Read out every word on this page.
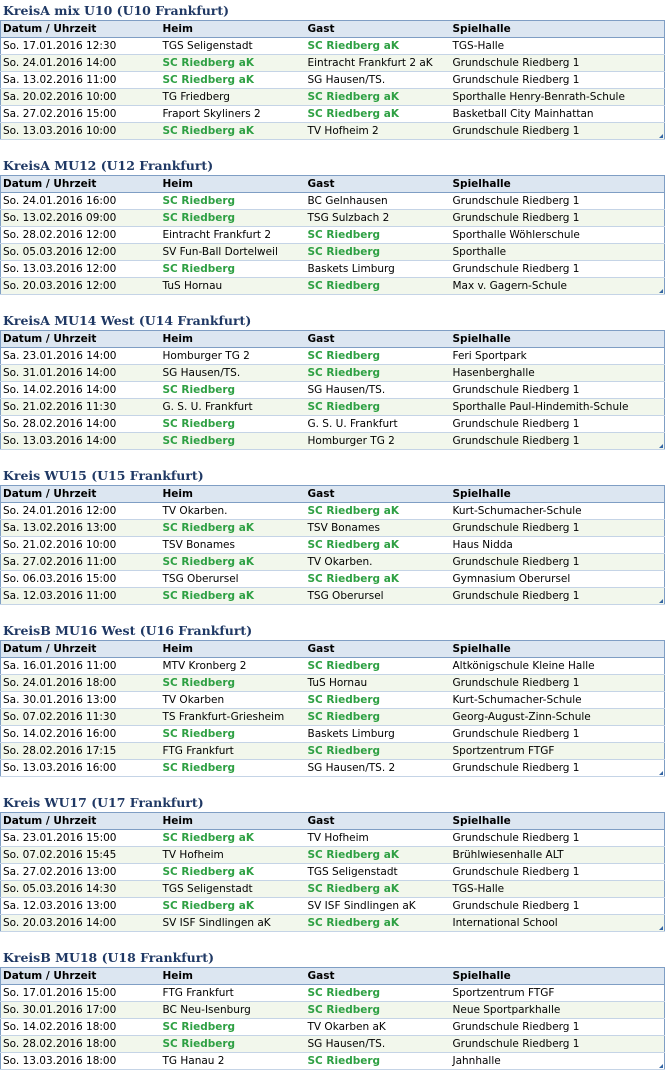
KreisA mix U10 (U10 Frankfurt)
Datum / Uhrzeit	Heim	Gast	Spielhalle
So. 17.01.2016 12:30	TGS Seligenstadt	SC Riedberg aK	TGS-Halle
So. 24.01.2016 14:00	SC Riedberg aK	Eintracht Frankfurt 2 aK	Grundschule Riedberg 1
Sa. 13.02.2016 11:00	SC Riedberg aK	SG Hausen/TS.	Grundschule Riedberg 1
Sa. 20.02.2016 10:00	TG Friedberg	SC Riedberg aK	Sporthalle Henry-Benrath-Schule
Sa. 27.02.2016 15:00	Fraport Skyliners 2	SC Riedberg aK	Basketball City Mainhattan
So. 13.03.2016 10:00	SC Riedberg aK	TV Hofheim 2	Grundschule Riedberg 1
KreisA MU12 (U12 Frankfurt)
Datum / Uhrzeit	Heim	Gast	Spielhalle
So. 24.01.2016 16:00	SC Riedberg	BC Gelnhausen	Grundschule Riedberg 1
So. 13.02.2016 09:00	SC Riedberg	TSG Sulzbach 2	Grundschule Riedberg 1
So. 28.02.2016 12:00	Eintracht Frankfurt 2	SC Riedberg	Sporthalle Wöhlerschule
So. 05.03.2016 12:00	SV Fun-Ball Dortelweil	SC Riedberg	Sporthalle
So. 13.03.2016 12:00	SC Riedberg	Baskets Limburg	Grundschule Riedberg 1
So. 20.03.2016 12:00	TuS Hornau	SC Riedberg	Max v. Gagern-Schule
KreisA MU14 West (U14 Frankfurt)
Datum / Uhrzeit	Heim	Gast	Spielhalle
Sa. 23.01.2016 14:00	Homburger TG 2	SC Riedberg	Feri Sportpark
So. 31.01.2016 14:00	SG Hausen/TS.	SC Riedberg	Hasenberghalle
So. 14.02.2016 14:00	SC Riedberg	SG Hausen/TS.	Grundschule Riedberg 1
So. 21.02.2016 11:30	G. S. U. Frankfurt	SC Riedberg	Sporthalle Paul-Hindemith-Schule
So. 28.02.2016 14:00	SC Riedberg	G. S. U. Frankfurt	Grundschule Riedberg 1
So. 13.03.2016 14:00	SC Riedberg	Homburger TG 2	Grundschule Riedberg 1
Kreis WU15 (U15 Frankfurt)
Datum / Uhrzeit	Heim	Gast	Spielhalle
So. 24.01.2016 12:00	TV Okarben.	SC Riedberg aK	Kurt-Schumacher-Schule
Sa. 13.02.2016 13:00	SC Riedberg aK	TSV Bonames	Grundschule Riedberg 1
So. 21.02.2016 10:00	TSV Bonames	SC Riedberg aK	Haus Nidda
Sa. 27.02.2016 11:00	SC Riedberg aK	TV Okarben.	Grundschule Riedberg 1
So. 06.03.2016 15:00	TSG Oberursel	SC Riedberg aK	Gymnasium Oberursel
Sa. 12.03.2016 11:00	SC Riedberg aK	TSG Oberursel	Grundschule Riedberg 1
KreisB MU16 West (U16 Frankfurt)
Datum / Uhrzeit	Heim	Gast	Spielhalle
Sa. 16.01.2016 11:00	MTV Kronberg 2	SC Riedberg	Altkönigschule Kleine Halle
So. 24.01.2016 18:00	SC Riedberg	TuS Hornau	Grundschule Riedberg 1
Sa. 30.01.2016 13:00	TV Okarben	SC Riedberg	Kurt-Schumacher-Schule
So. 07.02.2016 11:30	TS Frankfurt-Griesheim	SC Riedberg	Georg-August-Zinn-Schule
So. 14.02.2016 16:00	SC Riedberg	Baskets Limburg	Grundschule Riedberg 1
So. 28.02.2016 17:15	FTG Frankfurt	SC Riedberg	Sportzentrum FTGF
So. 13.03.2016 16:00	SC Riedberg	SG Hausen/TS. 2	Grundschule Riedberg 1
Kreis WU17 (U17 Frankfurt)
Datum / Uhrzeit	Heim	Gast	Spielhalle
Sa. 23.01.2016 15:00	SC Riedberg aK	TV Hofheim	Grundschule Riedberg 1
So. 07.02.2016 15:45	TV Hofheim	SC Riedberg aK	Brühlwiesenhalle ALT
Sa. 27.02.2016 13:00	SC Riedberg aK	TGS Seligenstadt	Grundschule Riedberg 1
So. 05.03.2016 14:30	TGS Seligenstadt	SC Riedberg aK	TGS-Halle
Sa. 12.03.2016 13:00	SC Riedberg aK	SV ISF Sindlingen aK	Grundschule Riedberg 1
So. 20.03.2016 14:00	SV ISF Sindlingen aK	SC Riedberg aK	International School
KreisB MU18 (U18 Frankfurt)
Datum / Uhrzeit	Heim	Gast	Spielhalle
So. 17.01.2016 15:00	FTG Frankfurt	SC Riedberg	Sportzentrum FTGF
So. 30.01.2016 17:00	BC Neu-Isenburg	SC Riedberg	Neue Sportparkhalle
So. 14.02.2016 18:00	SC Riedberg	TV Okarben aK	Grundschule Riedberg 1
So. 28.02.2016 18:00	SC Riedberg	SG Hausen/TS.	Grundschule Riedberg 1
So. 13.03.2016 18:00	TG Hanau 2	SC Riedberg	Jahnhalle
